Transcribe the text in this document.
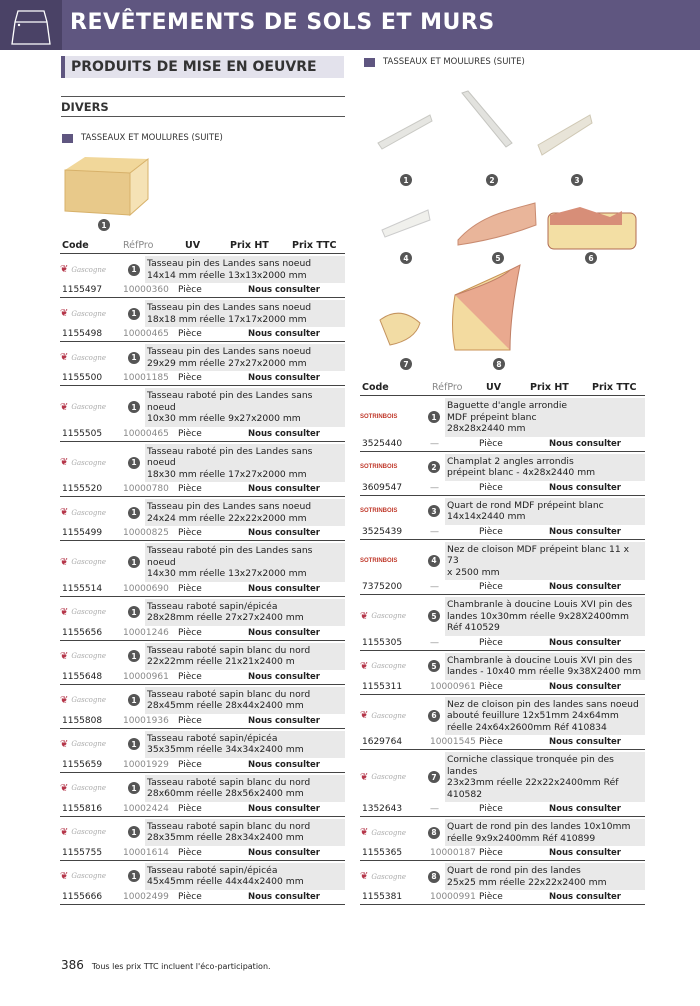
REVÊTEMENTS DE SOLS ET MURS
PRODUITS DE MISE EN OEUVRE
DIVERS
TASSEAUX ET MOULURES (SUITE)
TASSEAUX ET MOULURES (SUITE)
1
1	2	3
4	5	6
7	8
Code	RéfPro	UV	Prix HT Prix TTC
❦ Gascogne	1
Tasseau pin des Landes sans noeud
14x14 mm réelle 13x13x2000 mm
1155497 10000360 Pièce	Nous consulter
❦ Gascogne	1
Tasseau pin des Landes sans noeud
18x18 mm réelle 17x17x2000 mm
1155498 10000465 Pièce	Nous consulter
❦ Gascogne	1
Tasseau pin des Landes sans noeud
29x29 mm réelle 27x27x2000 mm
1155500 10001185 Pièce	Nous consulter
❦ Gascogne	1
Tasseau raboté pin des Landes sans noeud
10x30 mm réelle 9x27x2000 mm
1155505 10000465 Pièce	Nous consulter
❦ Gascogne	1
Tasseau raboté pin des Landes sans noeud
18x30 mm réelle 17x27x2000 mm
1155520 10000780 Pièce	Nous consulter
❦ Gascogne	1
Tasseau pin des Landes sans noeud
24x24 mm réelle 22x22x2000 mm
1155499 10000825 Pièce	Nous consulter
❦ Gascogne	1
Tasseau raboté pin des Landes sans noeud
14x30 mm réelle 13x27x2000 mm
1155514 10000690 Pièce	Nous consulter
❦ Gascogne	1
Tasseau raboté sapin/épicéa
28x28mm réelle 27x27x2400 mm
1155656 10001246 Pièce	Nous consulter
❦ Gascogne	1
Tasseau raboté sapin blanc du nord
22x22mm réelle 21x21x2400 m
1155648 10000961 Pièce	Nous consulter
❦ Gascogne	1
Tasseau raboté sapin blanc du nord
28x45mm réelle 28x44x2400 mm
1155808 10001936 Pièce	Nous consulter
❦ Gascogne	1
Tasseau raboté sapin/épicéa
35x35mm réelle 34x34x2400 mm
1155659 10001929 Pièce	Nous consulter
❦ Gascogne	1
Tasseau raboté sapin blanc du nord
28x60mm réelle 28x56x2400 mm
1155816 10002424 Pièce	Nous consulter
❦ Gascogne	1
Tasseau raboté sapin blanc du nord
28x35mm réelle 28x34x2400 mm
1155755 10001614 Pièce	Nous consulter
❦ Gascogne	1
Tasseau raboté sapin/épicéa
45x45mm réelle 44x44x2400 mm
1155666 10002499 Pièce	Nous consulter
Code	RéfPro UV	Prix HT Prix TTC
SOTRINBOIS	1
Baguette d'angle arrondie
MDF prépeint blanc
28x28x2440 mm
3525440	—	Pièce	Nous consulter
SOTRINBOIS	2
Champlat 2 angles arrondis
prépeint blanc - 4x28x2440 mm
3609547	—	Pièce	Nous consulter
SOTRINBOIS	3
Quart de rond MDF prépeint blanc
14x14x2440 mm
3525439	—	Pièce	Nous consulter
SOTRINBOIS	4
Nez de cloison MDF prépeint blanc 11 x 73
x 2500 mm
7375200	—	Pièce	Nous consulter
❦ Gascogne	5
Chambranle à doucine Louis XVI pin des
landes 10x30mm réelle 9x28X2400mm
Réf 410529
1155305	—	Pièce	Nous consulter
❦ Gascogne	5
Chambranle à doucine Louis XVI pin des
landes - 10x40 mm réelle 9x38X2400 mm
1155311	10000961 Pièce	Nous consulter
❦ Gascogne	6
Nez de cloison pin des landes sans noeud
abouté feuillure 12x51mm 24x64mm
réelle 24x64x2600mm Réf 410834
1629764	10001545 Pièce	Nous consulter
❦ Gascogne	7
Corniche classique tronquée pin des landes
23x23mm réelle 22x22x2400mm Réf
410582
1352643	—	Pièce	Nous consulter
❦ Gascogne	8
Quart de rond pin des landes 10x10mm
réelle 9x9x2400mm Réf 410899
1155365	10000187 Pièce	Nous consulter
❦ Gascogne	8
Quart de rond pin des landes
25x25 mm réelle 22x22x2400 mm
1155381	10000991 Pièce	Nous consulter
386 Tous les prix TTC incluent l'éco-participation.
